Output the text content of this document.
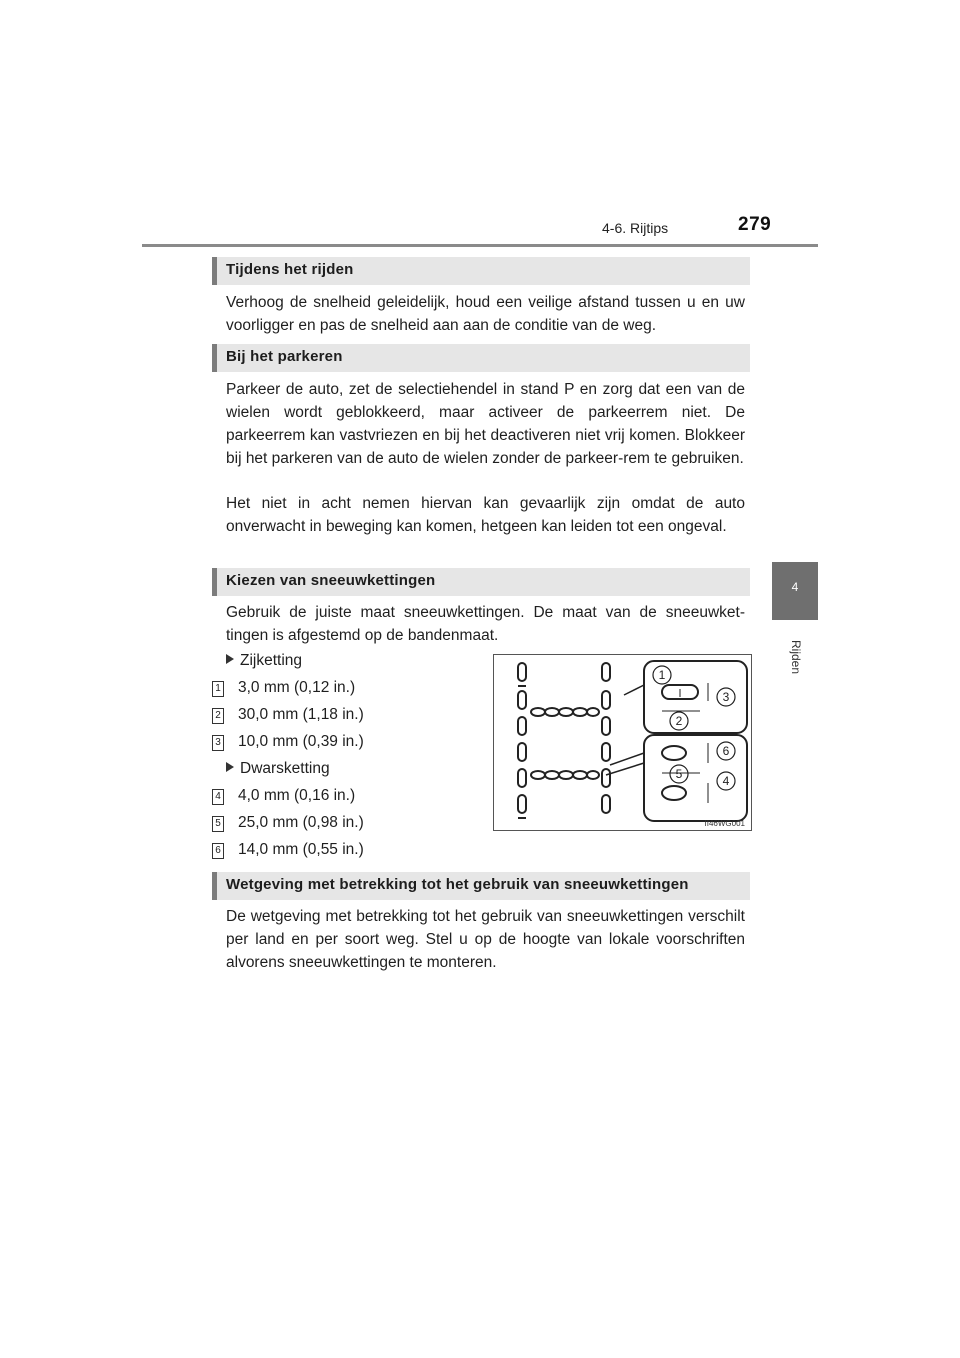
4-6. Rijtips	279
4
Rijden
Tijdens het rijden
Verhoog de snelheid geleidelijk, houd een veilige afstand tussen u en uw voorligger en pas de snelheid aan aan de conditie van de weg.
Bij het parkeren
Parkeer de auto, zet de selectiehendel in stand P en zorg dat een van de wielen wordt geblokkeerd, maar activeer de parkeerrem niet. De parkeerrem kan vastvriezen en bij het deactiveren niet vrij komen. Blokkeer bij het parkeren van de auto de wielen zonder de parkeer-rem te gebruiken.
Het niet in acht nemen hiervan kan gevaarlijk zijn omdat de auto onverwacht in beweging kan komen, hetgeen kan leiden tot een ongeval.
Kiezen van sneeuwkettingen
Gebruik de juiste maat sneeuwkettingen. De maat van de sneeuwket-tingen is afgestemd op de bandenmaat.
Zijketting
1 3,0 mm (0,12 in.)
2 30,0 mm (1,18 in.)
3 10,0 mm (0,39 in.)
Dwarsketting
4 4,0 mm (0,16 in.)
5 25,0 mm (0,98 in.)
6 14,0 mm (0,55 in.)
1
2
3
4
5
6
II46WG001
Wetgeving met betrekking tot het gebruik van sneeuwkettingen
De wetgeving met betrekking tot het gebruik van sneeuwkettingen verschilt per land en per soort weg. Stel u op de hoogte van lokale voorschriften alvorens sneeuwkettingen te monteren.
